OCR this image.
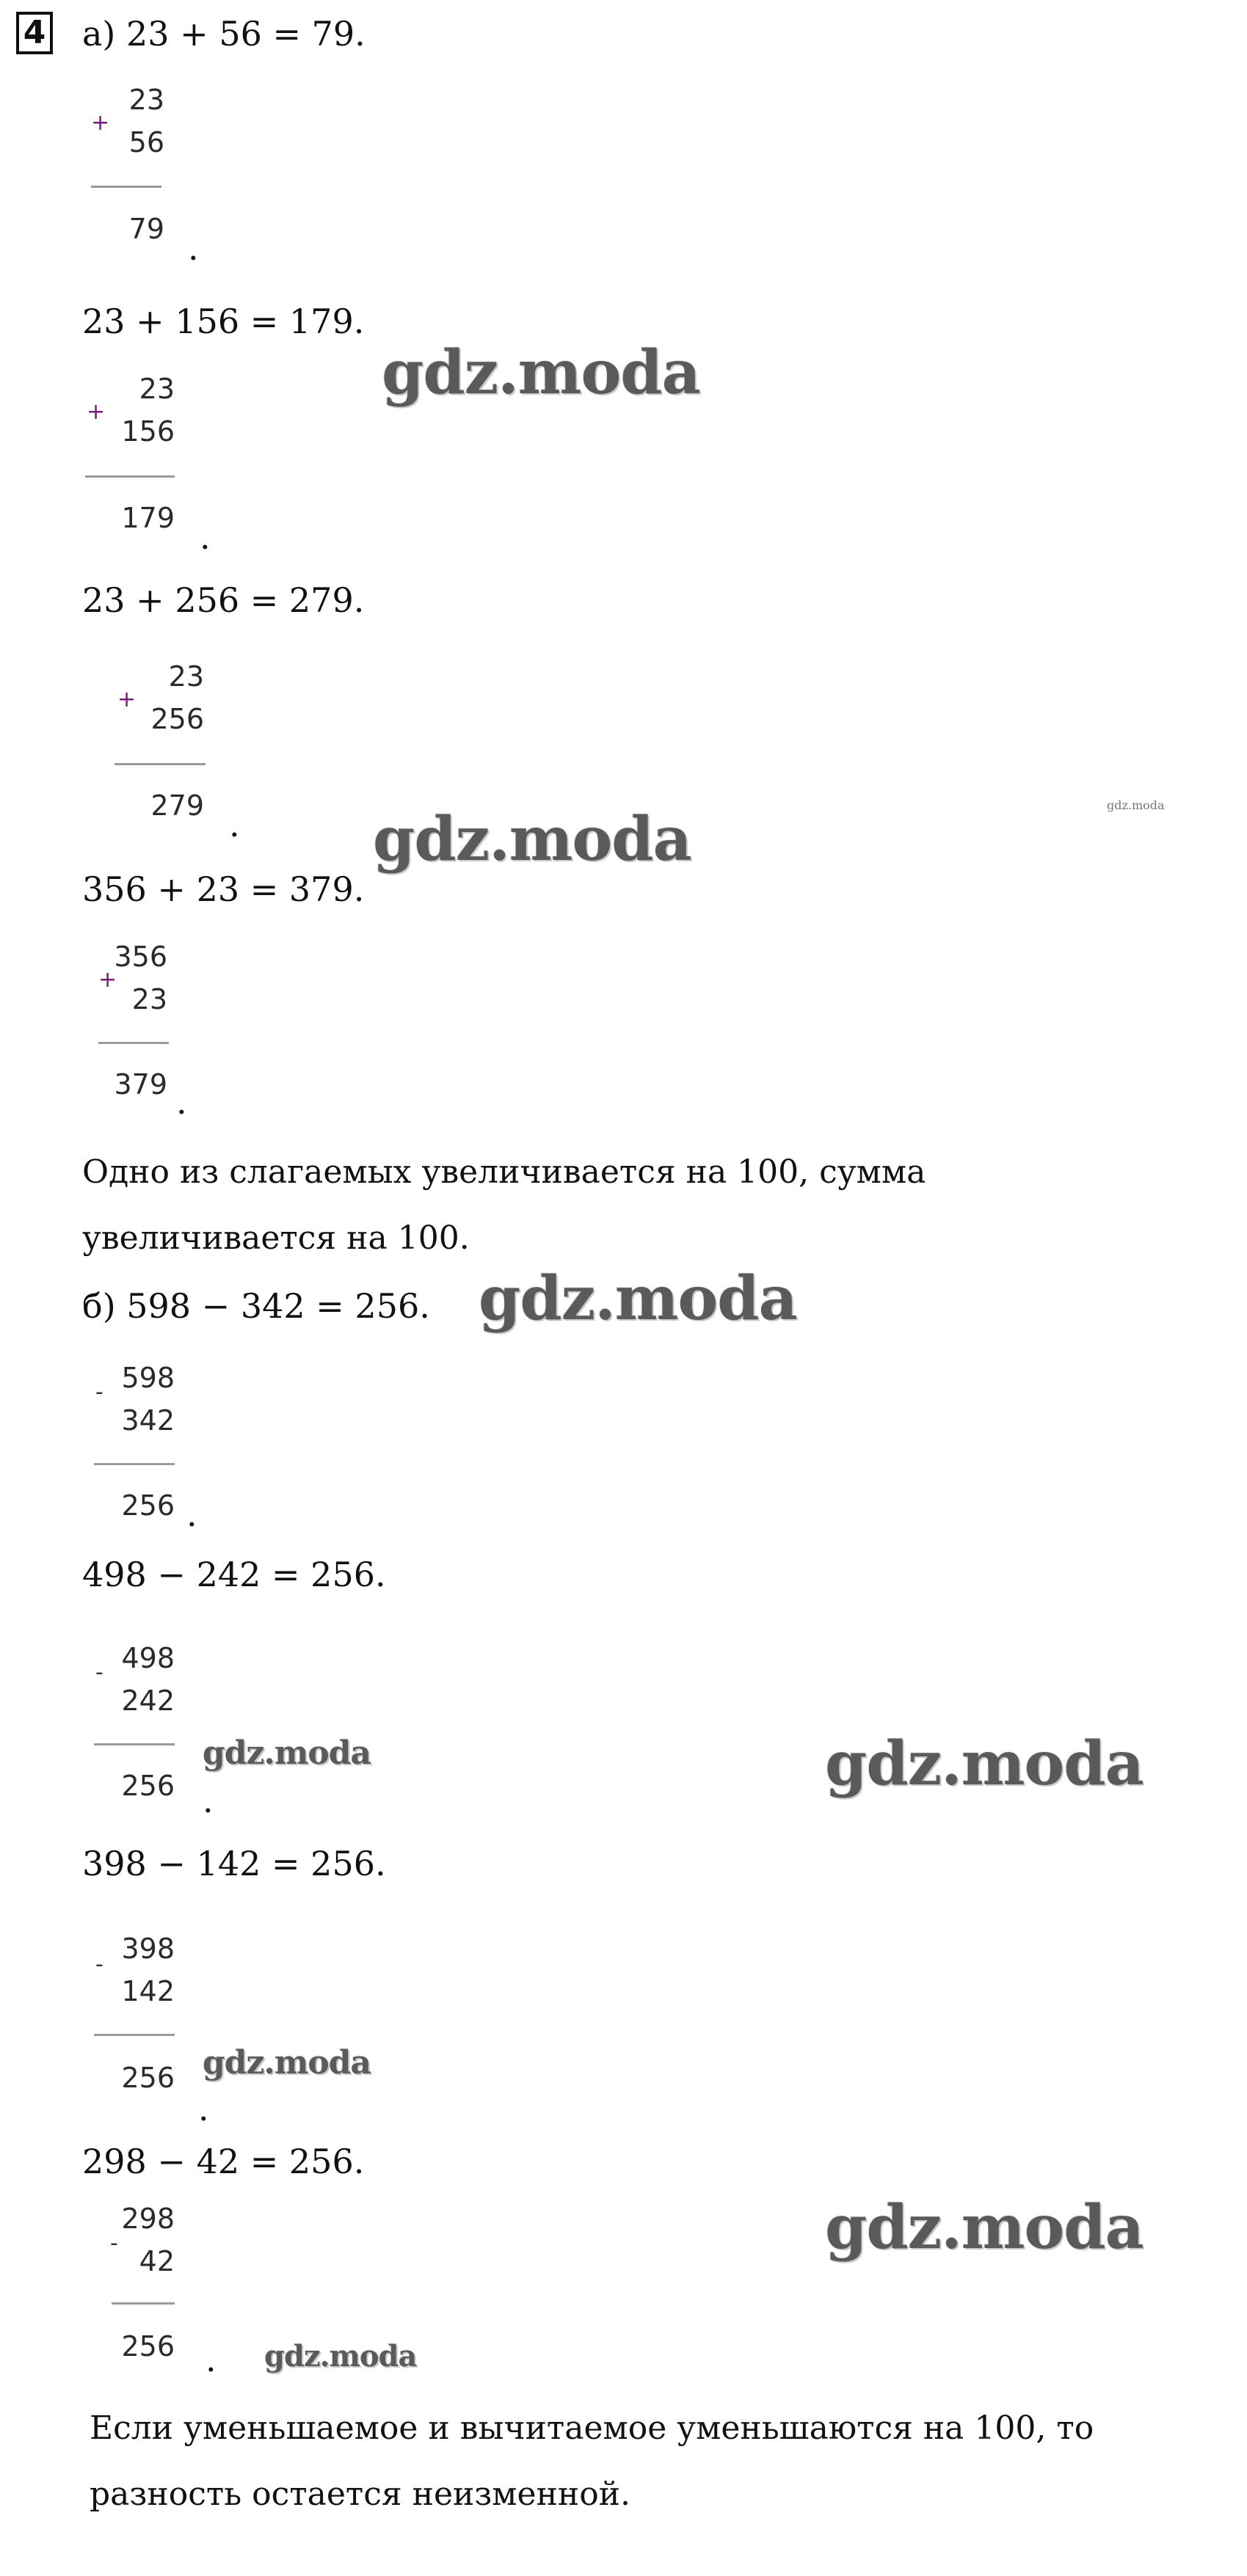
4 а) 23 + 56 = 79.
+
23
56
79 .
23 + 156 = 179.
+
23
156
179 .
23 + 256 = 279.
+
23
256
279 .
356 + 23 = 379.
+
356
23
379 .
Одно из слагаемых увеличивается на 100, сумма
увеличивается на 100.
б) 598 − 342 = 256.
- 598
342
256 .
498 − 242 = 256.
- 498
242
256 .
398 − 142 = 256.
- 398
142
256
.
298 − 42 = 256.
-
298
42
256 .
Если уменьшаемое и вычитаемое уменьшаются на 100, то
разность остается неизменной.
gdz.moda
gdz.moda	gdz.moda
gdz.moda
gdz.moda	gdz.moda
gdz.moda
gdz.moda
gdz.moda
